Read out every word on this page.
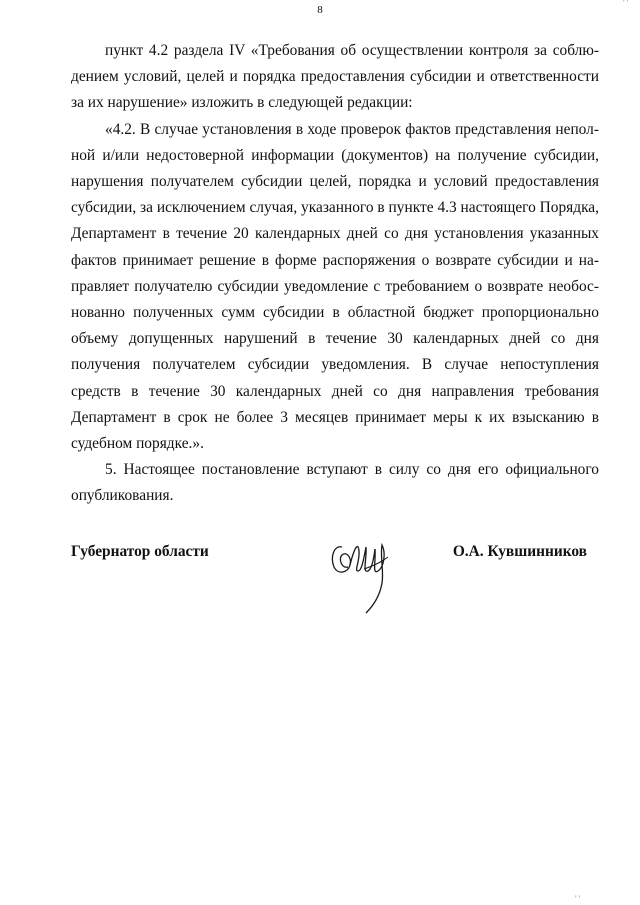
8
' '

пункт 4.2 раздела IV «Требования об осуществлении контроля за соблюдением условий, целей и порядка предоставления субсидии и ответственности за их нарушение» изложить в следующей редакции:

«4.2. В случае установления в ходе проверок фактов представления неполной и/или недостоверной информации (документов) на получение субсидии, нарушения получателем субсидии целей, порядка и условий предоставления субсидии, за исключением случая, указанного в пункте 4.3 настоящего Порядка, Департамент в течение 20 календарных дней со дня установления указанных фактов принимает решение в форме распоряжения о возврате субсидии и направляет получателю субсидии уведомление с требованием о возврате необоснованно полученных сумм субсидии в областной бюджет пропорционально объему допущенных нарушений в течение 30 календарных дней со дня получения получателем субсидии уведомления. В случае непоступления средств в течение 30 календарных дней со дня направления требования Департамент в срок не более 3 месяцев принимает меры к их взысканию в судебном порядке.».

5. Настоящее постановление вступают в силу со дня его официального опубликования.

Губернатор области	О.А. Кувшинников
' '
